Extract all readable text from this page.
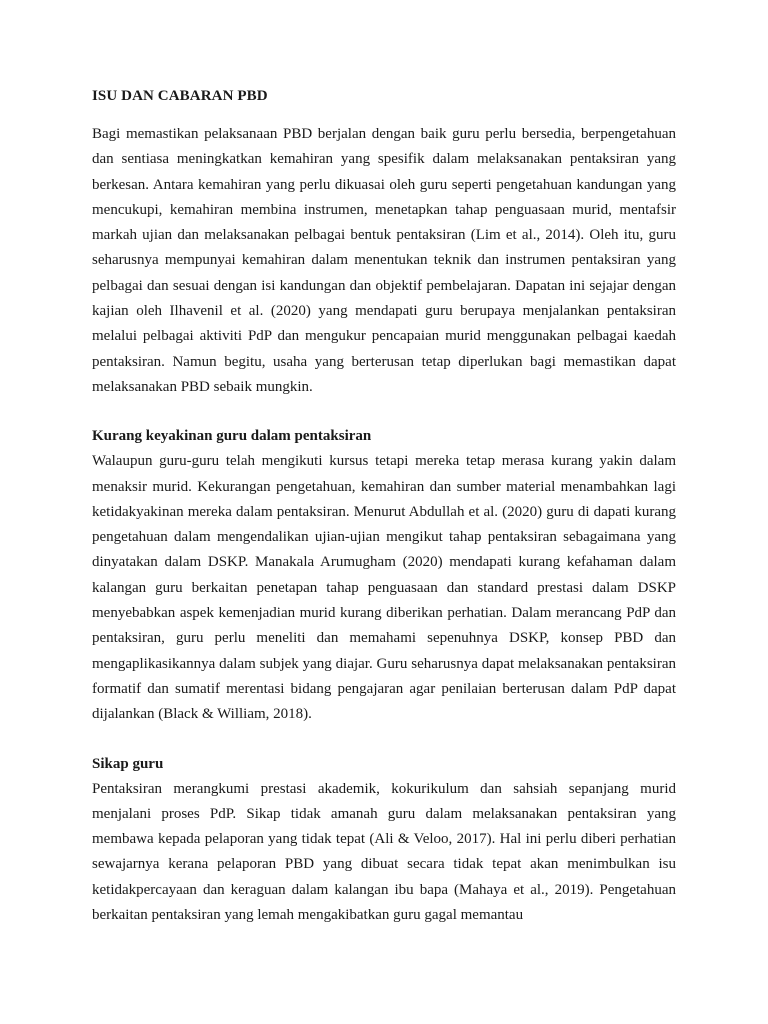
ISU DAN CABARAN PBD

Bagi memastikan pelaksanaan PBD berjalan dengan baik guru perlu bersedia, berpengetahuan dan sentiasa meningkatkan kemahiran yang spesifik dalam melaksanakan pentaksiran yang berkesan. Antara kemahiran yang perlu dikuasai oleh guru seperti pengetahuan kandungan yang mencukupi, kemahiran membina instrumen, menetapkan tahap penguasaan murid, mentafsir markah ujian dan melaksanakan pelbagai bentuk pentaksiran (Lim et al., 2014). Oleh itu, guru seharusnya mempunyai kemahiran dalam menentukan teknik dan instrumen pentaksiran yang pelbagai dan sesuai dengan isi kandungan dan objektif pembelajaran. Dapatan ini sejajar dengan kajian oleh Ilhavenil et al. (2020) yang mendapati guru berupaya menjalankan pentaksiran melalui pelbagai aktiviti PdP dan mengukur pencapaian murid menggunakan pelbagai kaedah pentaksiran. Namun begitu, usaha yang berterusan tetap diperlukan bagi memastikan dapat melaksanakan PBD sebaik mungkin.

Kurang keyakinan guru dalam pentaksiran

Walaupun guru-guru telah mengikuti kursus tetapi mereka tetap merasa kurang yakin dalam menaksir murid. Kekurangan pengetahuan, kemahiran dan sumber material menambahkan lagi ketidakyakinan mereka dalam pentaksiran. Menurut Abdullah et al. (2020) guru di dapati kurang pengetahuan dalam mengendalikan ujian-ujian mengikut tahap pentaksiran sebagaimana yang dinyatakan dalam DSKP. Manakala Arumugham (2020) mendapati kurang kefahaman dalam kalangan guru berkaitan penetapan tahap penguasaan dan standard prestasi dalam DSKP menyebabkan aspek kemenjadian murid kurang diberikan perhatian. Dalam merancang PdP dan pentaksiran, guru perlu meneliti dan memahami sepenuhnya DSKP, konsep PBD dan mengaplikasikannya dalam subjek yang diajar. Guru seharusnya dapat melaksanakan pentaksiran formatif dan sumatif merentasi bidang pengajaran agar penilaian berterusan dalam PdP dapat dijalankan (Black & William, 2018).

Sikap guru

Pentaksiran merangkumi prestasi akademik, kokurikulum dan sahsiah sepanjang murid menjalani proses PdP. Sikap tidak amanah guru dalam melaksanakan pentaksiran yang membawa kepada pelaporan yang tidak tepat (Ali & Veloo, 2017). Hal ini perlu diberi perhatian sewajarnya kerana pelaporan PBD yang dibuat secara tidak tepat akan menimbulkan isu ketidakpercayaan dan keraguan dalam kalangan ibu bapa (Mahaya et al., 2019). Pengetahuan berkaitan pentaksiran yang lemah mengakibatkan guru gagal memantau
